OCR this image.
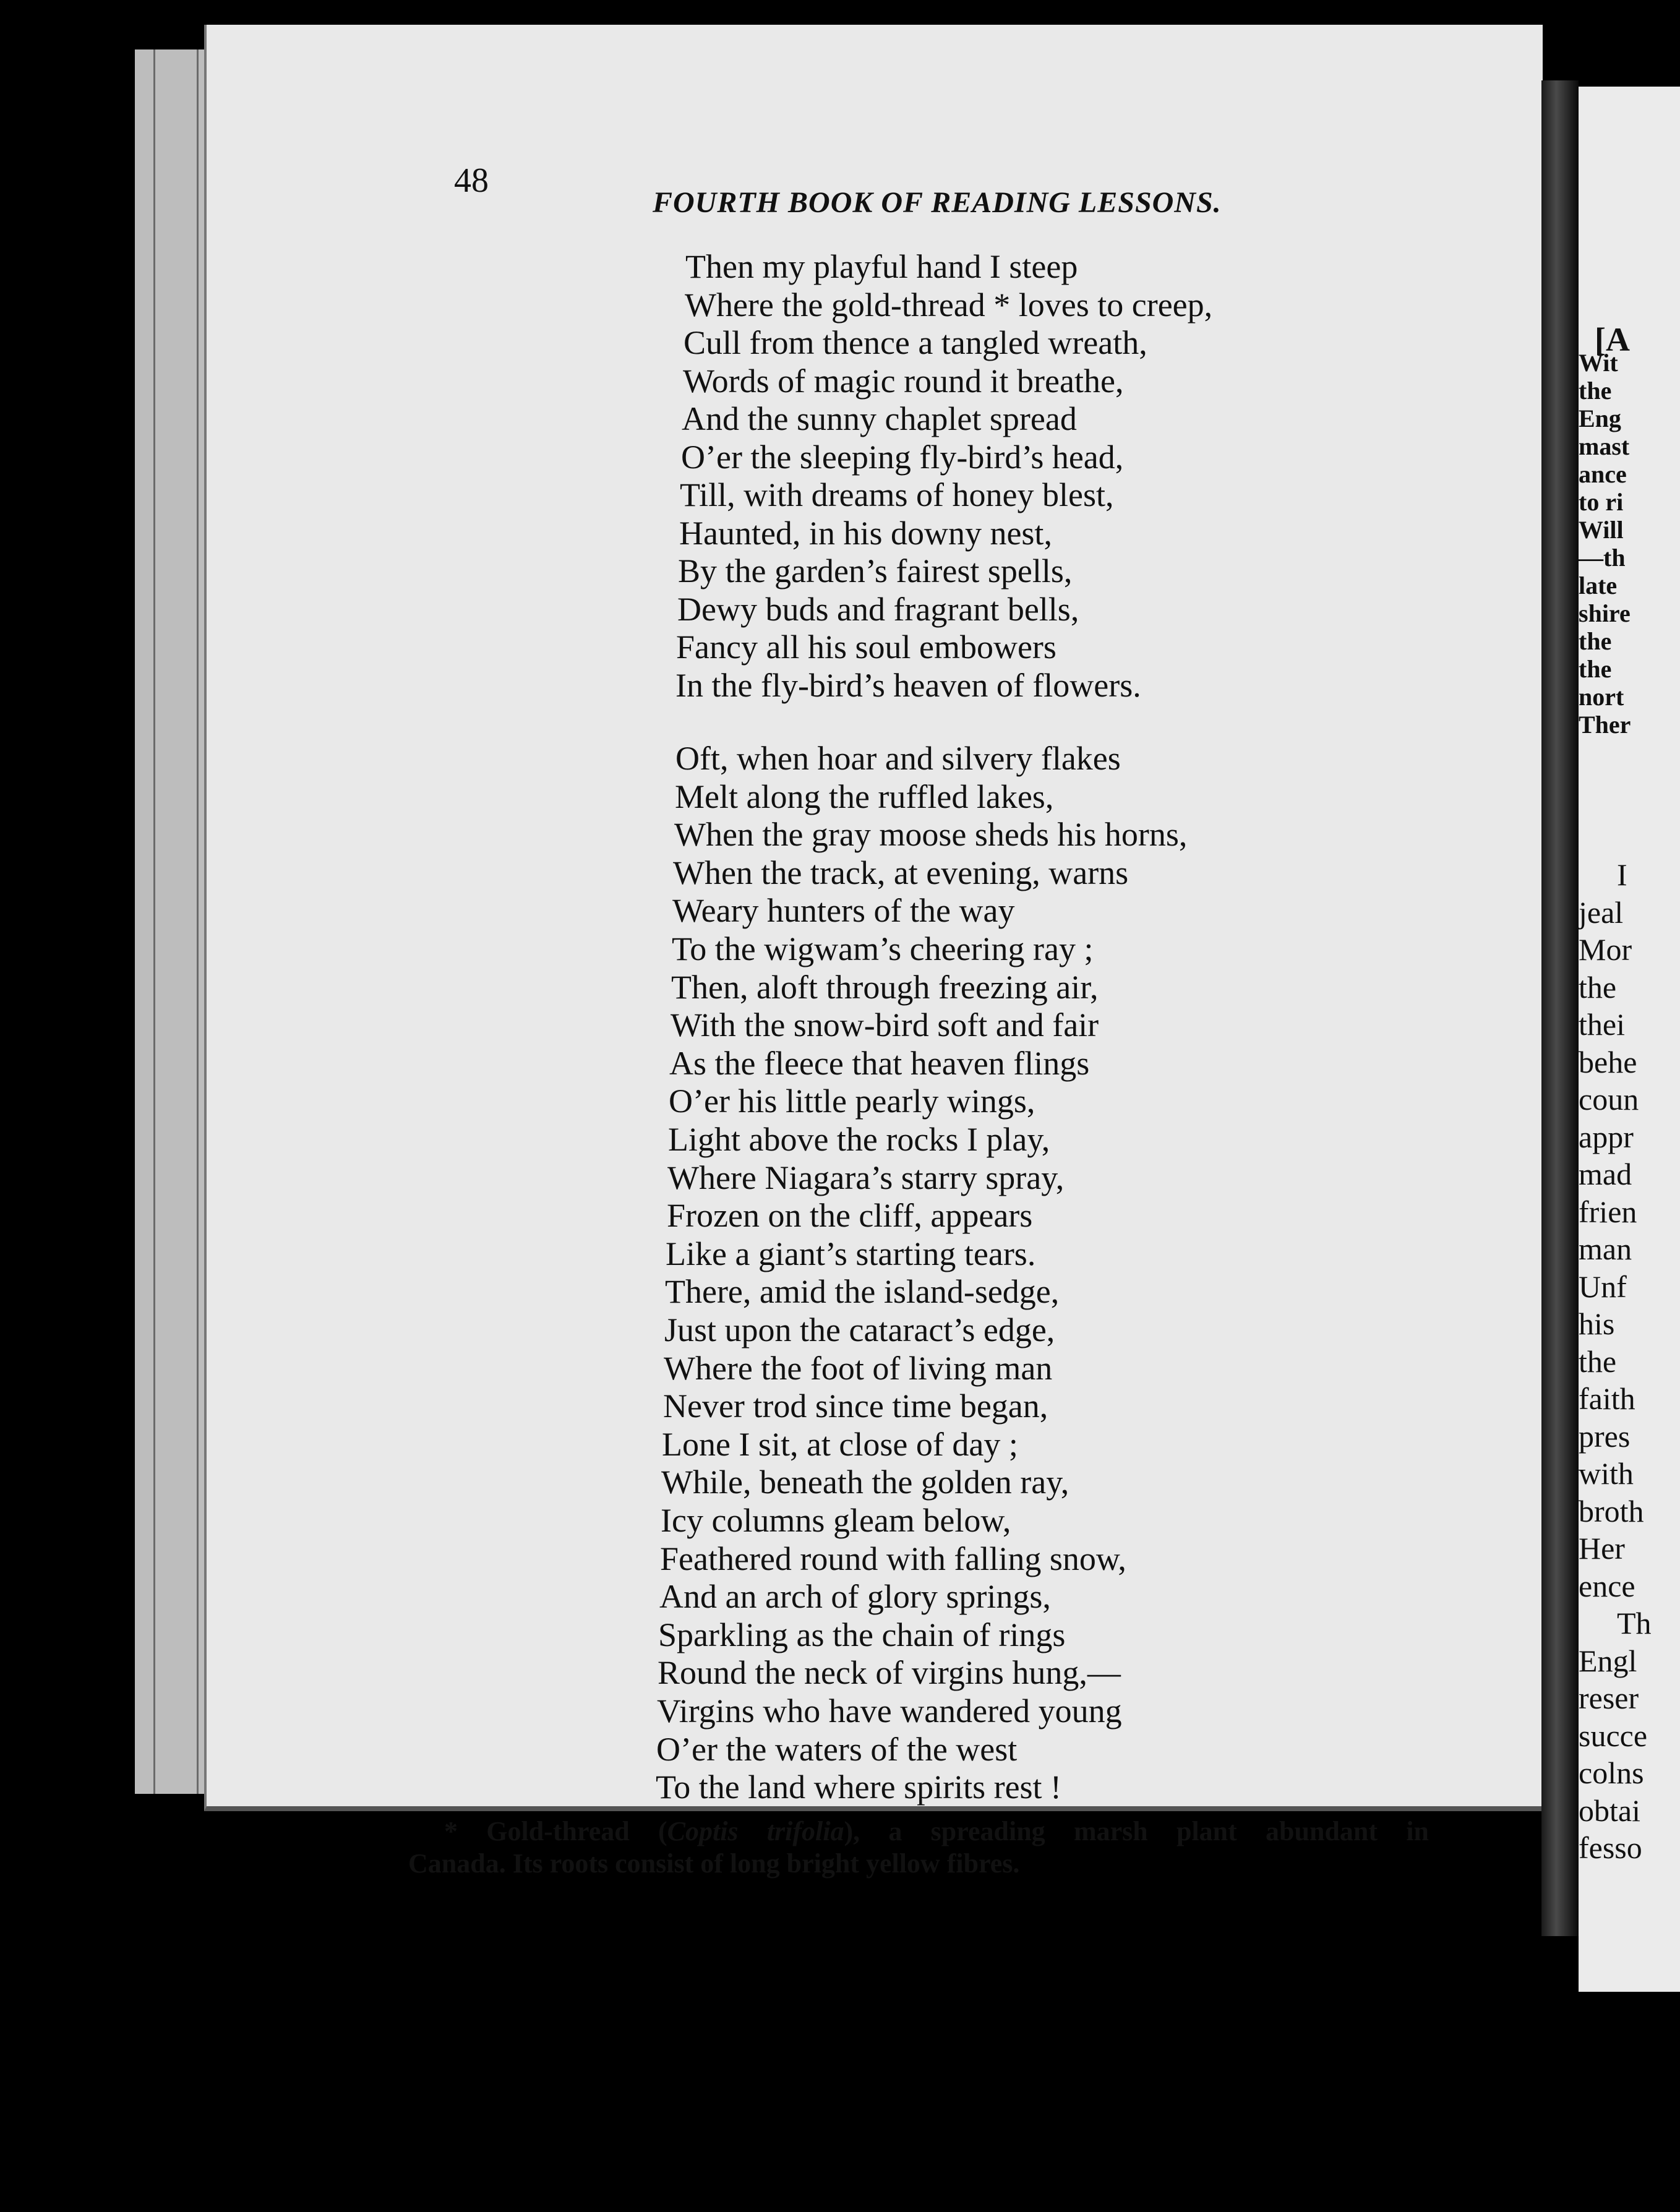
[A
Wit
the
Eng
mast
ance
to ri
Will
—th
late
shire
the
the
nort
Ther
I
jeal
Mor
the
thei
behe
coun
appr
mad
frien
man
Unf
his
the
faith
pres
with
broth
Her
ence
Th
Engl
reser
succe
colns
obtai
fesso
48
FOURTH BOOK OF READING LESSONS.
Then my playful hand I steep
Where the gold-thread * loves to creep,
Cull from thence a tangled wreath,
Words of magic round it breathe,
And the sunny chaplet spread
O’er the sleeping fly-bird’s head,
Till, with dreams of honey blest,
Haunted, in his downy nest,
By the garden’s fairest spells,
Dewy buds and fragrant bells,
Fancy all his soul embowers
In the fly-bird’s heaven of flowers.
Oft, when hoar and silvery flakes
Melt along the ruffled lakes,
When the gray moose sheds his horns,
When the track, at evening, warns
Weary hunters of the way
To the wigwam’s cheering ray ;
Then, aloft through freezing air,
With the snow-bird soft and fair
As the fleece that heaven flings
O’er his little pearly wings,
Light above the rocks I play,
Where Niagara’s starry spray,
Frozen on the cliff, appears
Like a giant’s starting tears.
There, amid the island-sedge,
Just upon the cataract’s edge,
Where the foot of living man
Never trod since time began,
Lone I sit, at close of day ;
While, beneath the golden ray,
Icy columns gleam below,
Feathered round with falling snow,
And an arch of glory springs,
Sparkling as the chain of rings
Round the neck of virgins hung,—
Virgins who have wandered young
O’er the waters of the west
To the land where spirits rest !
* Gold-thread (Coptis trifolia), a spreading marsh plant abundant in
Canada. Its roots consist of long bright yellow fibres.
